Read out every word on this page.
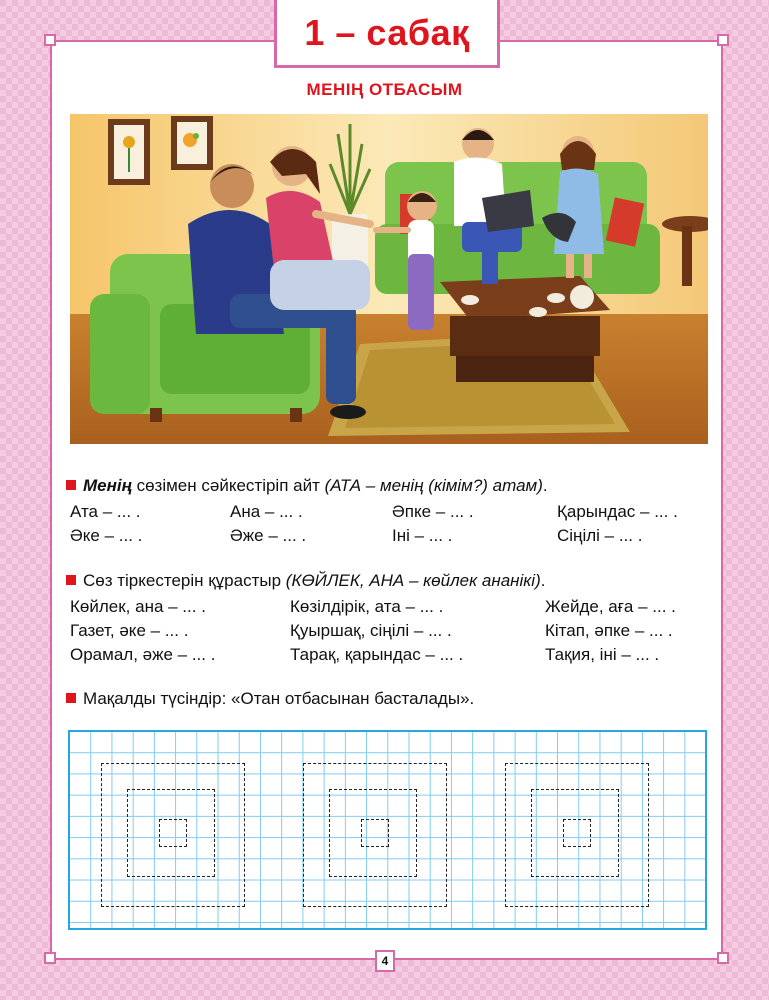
1 – сабақ
МЕНІҢ ОТБАСЫМ
Менің сөзімен сәйкестіріп айт (АТА – менің (кімім?) атам).
Ата – ... .	Ана – ... .	Әпке – ... .	Қарындас – ... .
Әке – ... .	Әже – ... .	Іні – ... .	Сіңілі – ... .
Сөз тіркестерін құрастыр (КӨЙЛЕК, АНА – көйлек ананікі).
Көйлек, ана – ... .	Көзілдірік, ата – ... .	Жейде, аға – ... .
Газет, әке – ... .	Қуыршақ, сіңілі – ... .	Кітап, әпке – ... .
Орамал, әже – ... .	Тарақ, қарындас – ... .	Тақия, іні – ... .
Мақалды түсіндір: «Отан отбасынан басталады».
4
